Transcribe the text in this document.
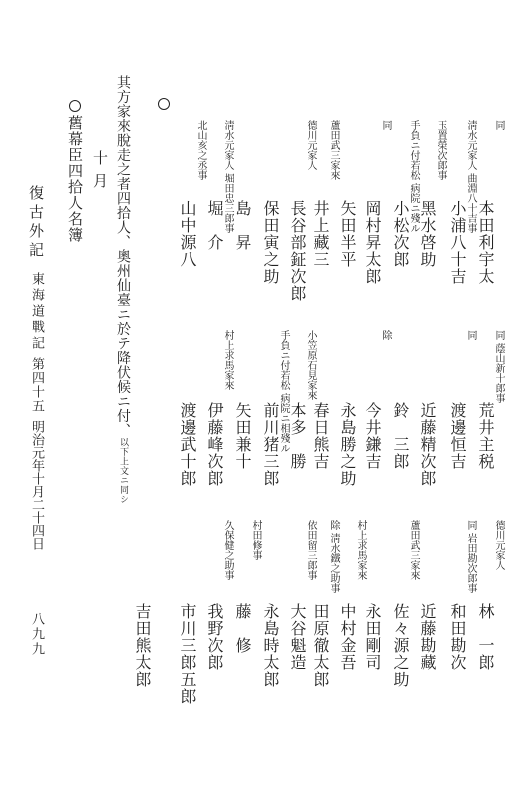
復古外記
東海道戰記
第四十五
明治元年十月二十四日
八九九
舊幕臣四拾人名簿 十月 其方家來脫走之者四拾人、奧州仙臺ニ於テ降伏候ニ付、以下上文ニ同シ
同
本田利宇太
同 蔭山新十郎事
荒井主税
德川元家人
林　一郎
淸水元家人 曲淵八十吉事
小浦八十吉
同
渡邊恒吉
同 岩田勘次郎事
和田勘次
玉置榮次郎事
黑水啓助
近藤精次郎
近藤勘藏
手負ニ付若松 病院ニ殘ル
小松次郎
鈴　三郎
蘆田武三家來
佐々源之助
同
岡村昇太郎
除
今井鎌吉
永田剛司
矢田半平
永島勝之助
村上求馬家來
中村金吾
蘆田武三家來
井上藏三
春日熊吉
除 淸水鐵之助事
田原徹太郎
德川元家人
長谷部鉦次郎
小笠原石見家來
本多　勝
依田留三郎事
大谷魁造
保田寅之助
手負ニ付若松 病院ニ相殘ル
前川猪三郎
永島時太郎
島　昇
矢田兼十
村田修事
藤　修
淸水元家人 堀田忠三郎事
堀　介
村上求馬家來
伊藤峰次郎
久保健之助事
我野次郎
北山亥之丞事
山中源八
渡邊武十郎
市川三郎五郎
吉田熊太郎
